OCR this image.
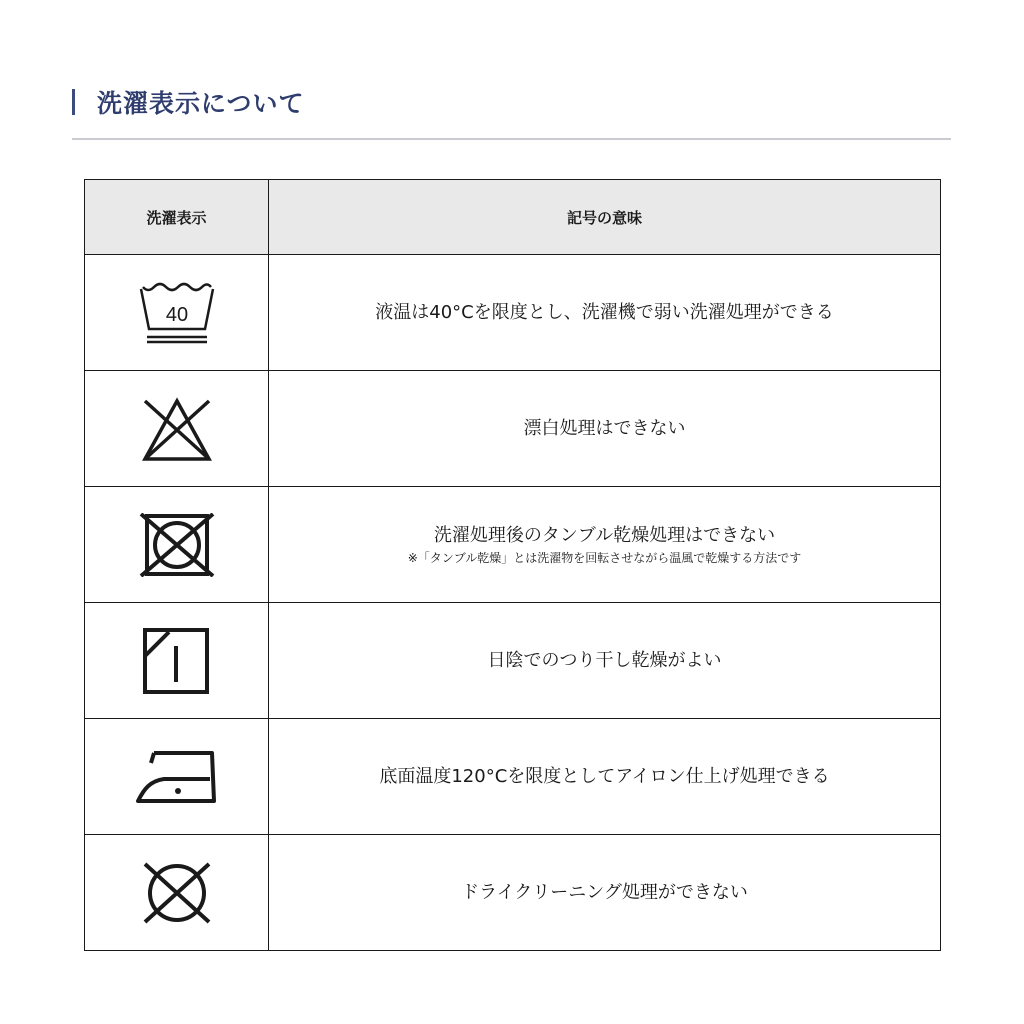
洗濯表示について
洗濯表示	記号の意味

40	液温は40°Cを限度とし、洗濯機で弱い洗濯処理ができる

漂白処理はできない

洗濯処理後のタンブル乾燥処理はできない
※「タンブル乾燥」とは洗濯物を回転させながら温風で乾燥する方法です

日陰でのつり干し乾燥がよい

底面温度120°Cを限度としてアイロン仕上げ処理できる

ドライクリーニング処理ができない
